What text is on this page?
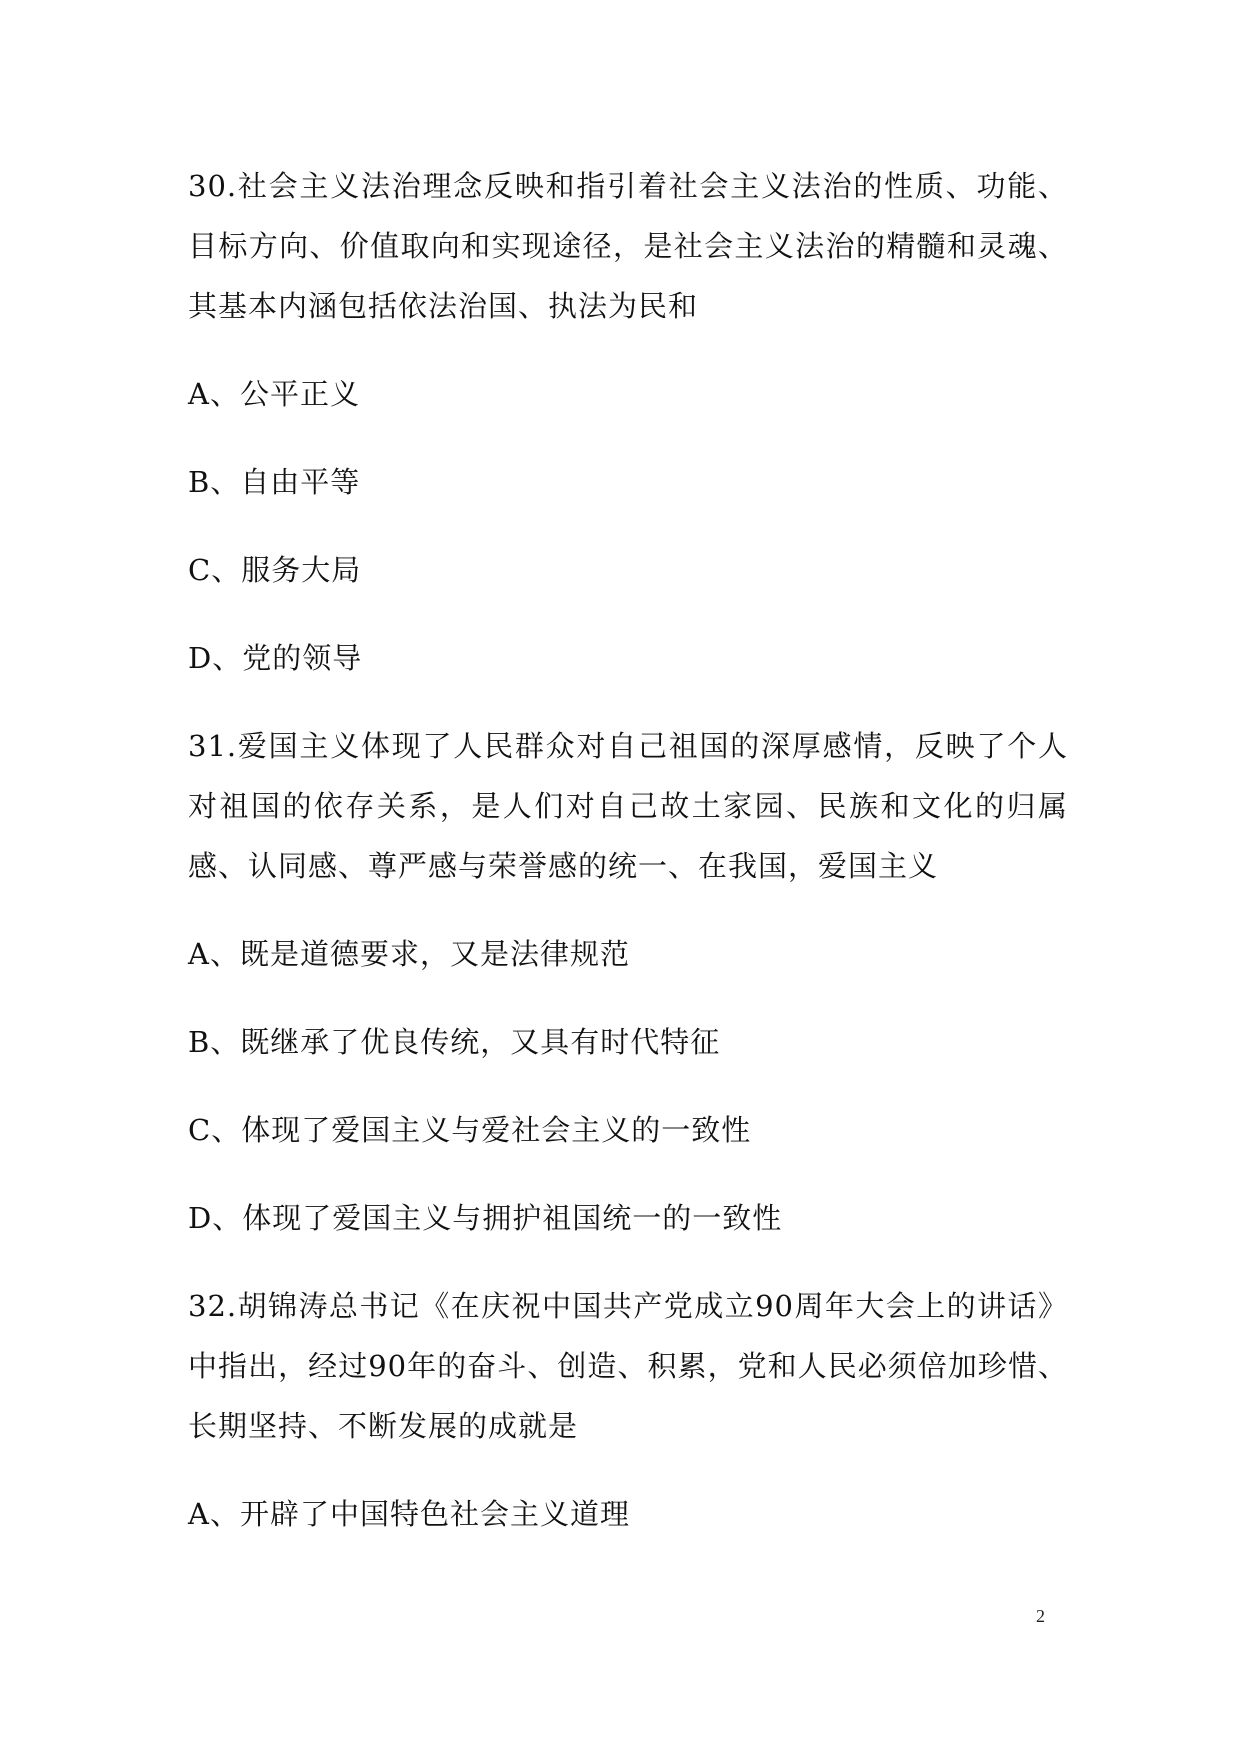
30.社会主义法治理念反映和指引着社会主义法治的性质、功能、目标方向、价值取向和实现途径，是社会主义法治的精髓和灵魂、其基本内涵包括依法治国、执法为民和

A、公平正义

B、自由平等

C、服务大局

D、党的领导

31.爱国主义体现了人民群众对自己祖国的深厚感情，反映了个人对祖国的依存关系，是人们对自己故土家园、民族和文化的归属感、认同感、尊严感与荣誉感的统一、在我国，爱国主义

A、既是道德要求，又是法律规范

B、既继承了优良传统，又具有时代特征

C、体现了爱国主义与爱社会主义的一致性

D、体现了爱国主义与拥护祖国统一的一致性

32.胡锦涛总书记《在庆祝中国共产党成立90周年大会上的讲话》中指出，经过90年的奋斗、创造、积累，党和人民必须倍加珍惜、长期坚持、不断发展的成就是

A、开辟了中国特色社会主义道理

2
